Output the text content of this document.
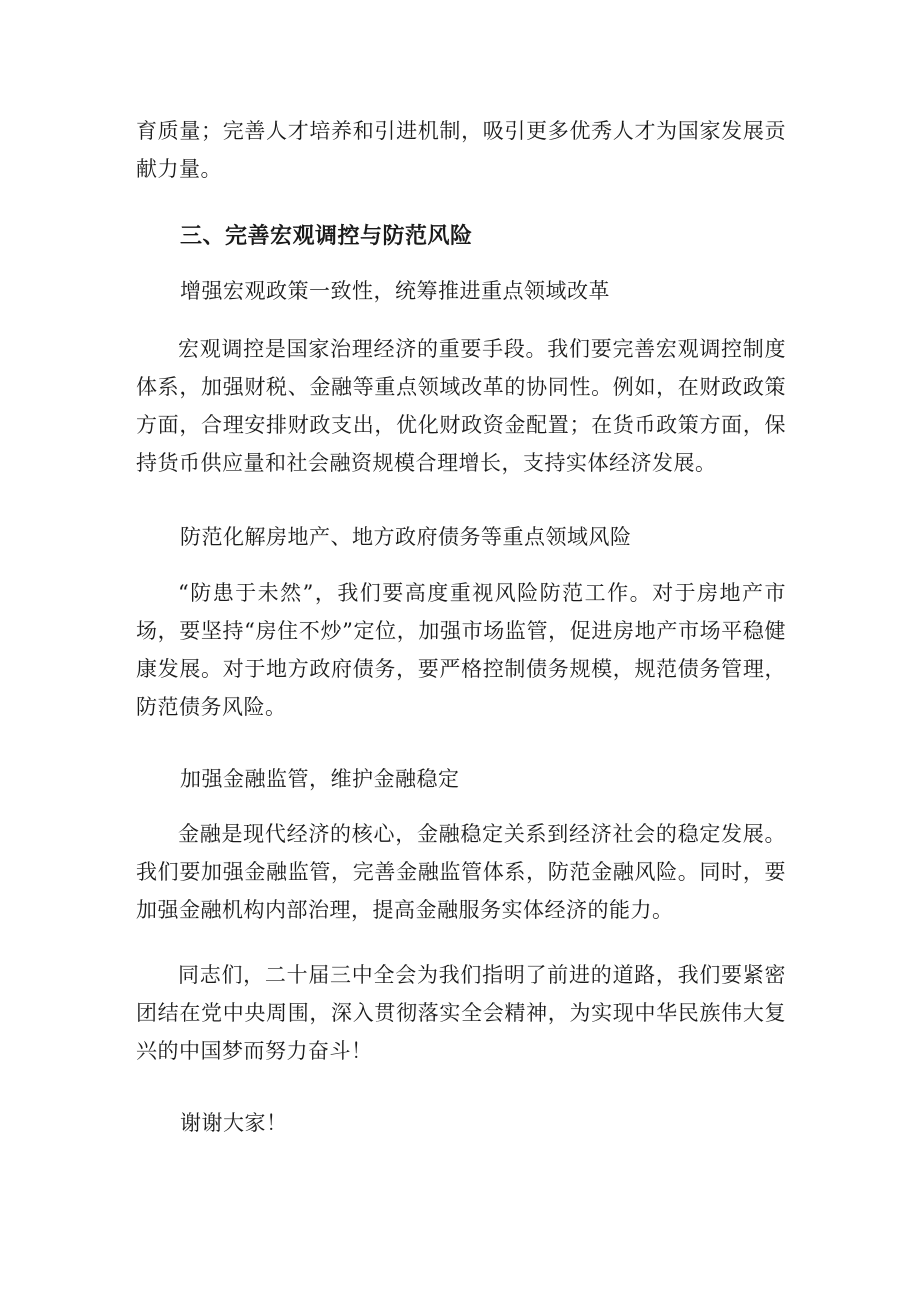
育质量；完善人才培养和引进机制，吸引更多优秀人才为国家发展贡献力量。

三、完善宏观调控与防范风险

增强宏观政策一致性，统筹推进重点领域改革

宏观调控是国家治理经济的重要手段。我们要完善宏观调控制度体系，加强财税、金融等重点领域改革的协同性。例如，在财政政策方面，合理安排财政支出，优化财政资金配置；在货币政策方面，保持货币供应量和社会融资规模合理增长，支持实体经济发展。

防范化解房地产、地方政府债务等重点领域风险

“防患于未然”，我们要高度重视风险防范工作。对于房地产市场，要坚持“房住不炒”定位，加强市场监管，促进房地产市场平稳健康发展。对于地方政府债务，要严格控制债务规模，规范债务管理，防范债务风险。

加强金融监管，维护金融稳定

金融是现代经济的核心，金融稳定关系到经济社会的稳定发展。我们要加强金融监管，完善金融监管体系，防范金融风险。同时，要加强金融机构内部治理，提高金融服务实体经济的能力。

同志们，二十届三中全会为我们指明了前进的道路，我们要紧密团结在党中央周围，深入贯彻落实全会精神，为实现中华民族伟大复兴的中国梦而努力奋斗！

谢谢大家！
